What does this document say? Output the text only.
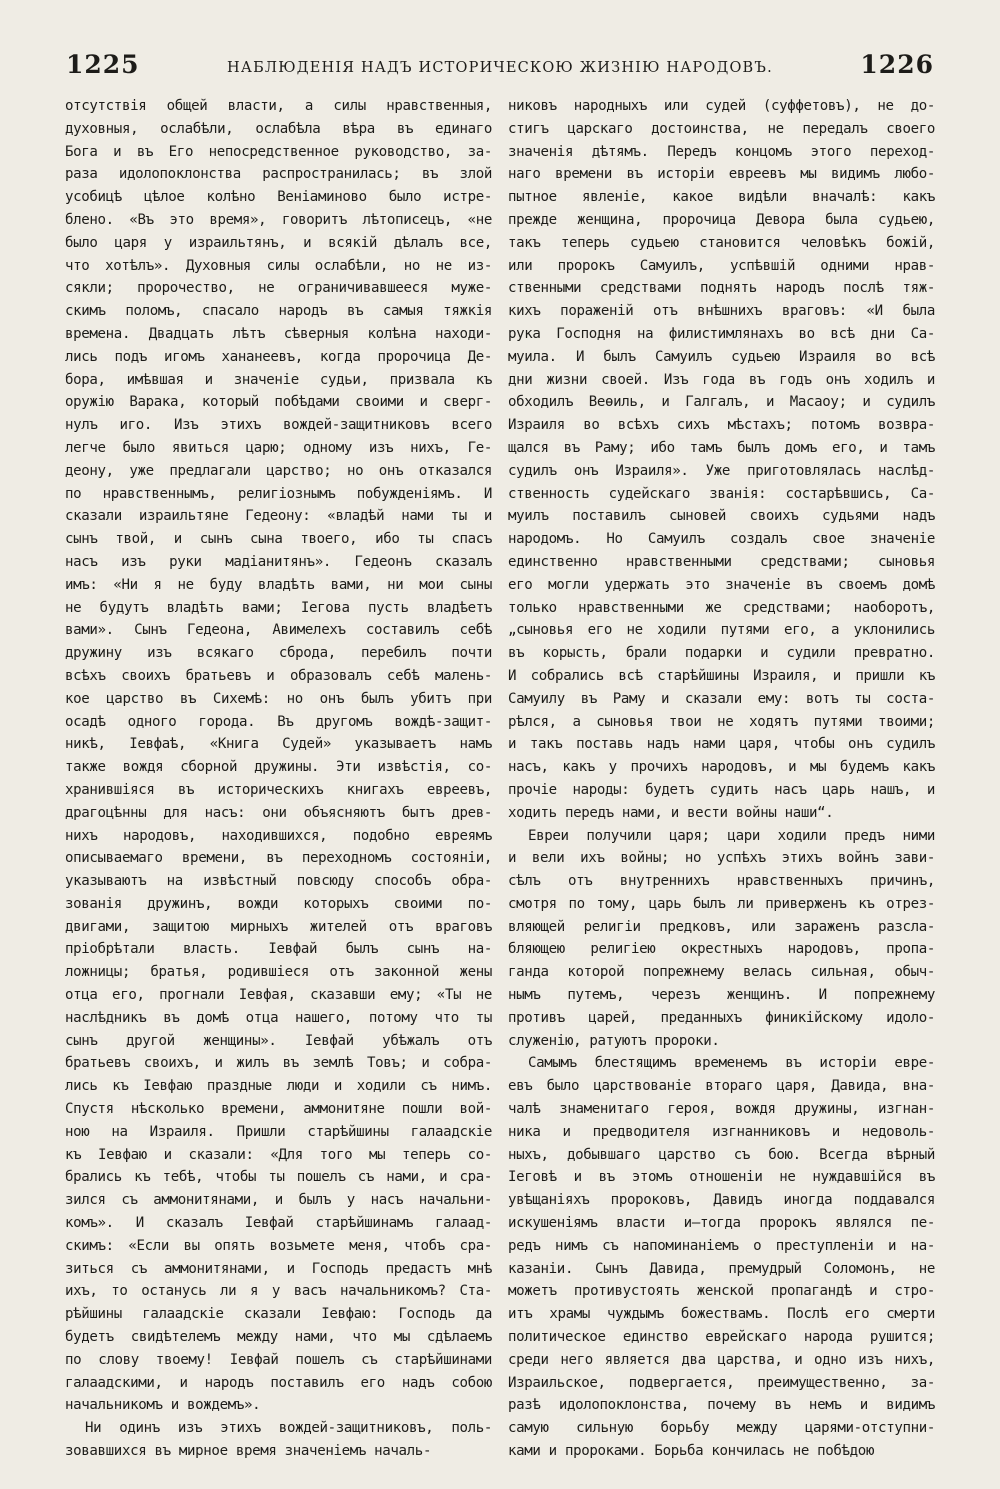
1225	НАБЛЮДЕНІЯ НАДЪ ИСТОРИЧЕСКОЮ ЖИЗНІЮ НАРОДОВЪ.	1226
отсутствія общей власти, а силы нравственныя,
духовныя, ослабѣли, ослабѣла вѣра въ единаго
Бога и въ Его непосредственное руководство, за-
раза идолопоклонства распространилась; въ злой
усобицѣ цѣлое колѣно Веніаминово было истре-
блено. «Въ это время», говоритъ лѣтописецъ, «не
было царя у израильтянъ, и всякій дѣлалъ все,
что хотѣлъ». Духовныя силы ослабѣли, но не из-
сякли; пророчество, не ограничивавшееся муже-
скимъ поломъ, спасало народъ въ самыя тяжкія
времена. Двадцать лѣтъ сѣверныя колѣна находи-
лись подъ игомъ хананеевъ, когда пророчица Де-
бора, имѣвшая и значеніе судьи, призвала къ
оружію Варака, который побѣдами своими и сверг-
нулъ иго. Изъ этихъ вождей-защитниковъ всего
легче было явиться царю; одному изъ нихъ, Ге-
деону, уже предлагали царство; но онъ отказался
по нравственнымъ, религіознымъ побужденіямъ. И
сказали израильтяне Гедеону: «владѣй нами ты и
сынъ твой, и сынъ сына твоего, ибо ты спасъ
насъ изъ руки мадіанитянъ». Гедеонъ сказалъ
имъ: «Ни я не буду владѣть вами, ни мои сыны
не будутъ владѣть вами; Іегова пусть владѣетъ
вами». Сынъ Гедеона, Авимелехъ составилъ себѣ
дружину изъ всякаго сброда, перебилъ почти
всѣхъ своихъ братьевъ и образовалъ себѣ малень-
кое царство въ Сихемѣ: но онъ былъ убитъ при
осадѣ одного города. Въ другомъ вождѣ-защит-
никѣ, Іевфаѣ, «Книга Судей» указываетъ намъ
также вождя сборной дружины. Эти извѣстія, со-
хранившіяся въ историческихъ книгахъ евреевъ,
драгоцѣнны для насъ: они объясняютъ бытъ древ-
нихъ народовъ, находившихся, подобно евреямъ
описываемаго времени, въ переходномъ состояніи,
указываютъ на извѣстный повсюду способъ обра-
зованія дружинъ, вожди которыхъ своими по-
двигами, защитою мирныхъ жителей отъ враговъ
пріобрѣтали власть. Іевфай былъ сынъ на-
ложницы; братья, родившіеся отъ законной жены
отца его, прогнали Іевфая, сказавши ему; «Ты не
наслѣдникъ въ домѣ отца нашего, потому что ты
сынъ другой женщины». Іевфай убѣжалъ отъ
братьевъ своихъ, и жилъ въ землѣ Товъ; и собра-
лись къ Іевфаю праздные люди и ходили съ нимъ.
Спустя нѣсколько времени, аммонитяне пошли вой-
ною на Израиля. Пришли старѣйшины галаадскіе
къ Іевфаю и сказали: «Для того мы теперь со-
брались къ тебѣ, чтобы ты пошелъ съ нами, и сра-
зился съ аммонитянами, и былъ у насъ начальни-
комъ». И сказалъ Іевфай старѣйшинамъ галаад-
скимъ: «Если вы опять возьмете меня, чтобъ сра-
зиться съ аммонитянами, и Господь предастъ мнѣ
ихъ, то останусь ли я у васъ начальникомъ? Ста-
рѣйшины галаадскіе сказали Іевфаю: Господь да
будетъ свидѣтелемъ между нами, что мы сдѣлаемъ
по слову твоему! Іевфай пошелъ съ старѣйшинами
галаадскими, и народъ поставилъ его надъ собою
начальникомъ и вождемъ».
Ни одинъ изъ этихъ вождей-защитниковъ, поль-
зовавшихся въ мирное время значеніемъ началь-
никовъ народныхъ или судей (суффетовъ), не до-
стигъ царскаго достоинства, не передалъ своего
значенія дѣтямъ. Передъ концомъ этого переход-
наго времени въ исторіи евреевъ мы видимъ любо-
пытное явленіе, какое видѣли вначалѣ: какъ
прежде женщина, пророчица Девора была судьею,
такъ теперь судьею становится человѣкъ божій,
или пророкъ Самуилъ, успѣвшій одними нрав-
ственными средствами поднять народъ послѣ тяж-
кихъ пораженій отъ внѣшнихъ враговъ: «И была
рука Господня на филистимлянахъ во всѣ дни Са-
муила. И былъ Самуилъ судьею Израиля во всѣ
дни жизни своей. Изъ года въ годъ онъ ходилъ и
обходилъ Веѳиль, и Галгалъ, и Масаоу; и судилъ
Израиля во всѣхъ сихъ мѣстахъ; потомъ возвра-
щался въ Раму; ибо тамъ былъ домъ его, и тамъ
судилъ онъ Израиля». Уже приготовлялась наслѣд-
ственность судейскаго званія: состарѣвшись, Са-
муилъ поставилъ сыновей своихъ судьями надъ
народомъ. Но Самуилъ создалъ свое значеніе
единственно нравственными средствами; сыновья
его могли удержать это значеніе въ своемъ домѣ
только нравственными же средствами; наоборотъ,
„сыновья его не ходили путями его, а уклонились
въ корысть, брали подарки и судили превратно.
И собрались всѣ старѣйшины Израиля, и пришли къ
Самуилу въ Раму и сказали ему: вотъ ты соста-
рѣлся, а сыновья твои не ходятъ путями твоими;
и такъ поставь надъ нами царя, чтобы онъ судилъ
насъ, какъ у прочихъ народовъ, и мы будемъ какъ
прочіе народы: будетъ судить насъ царь нашъ, и
ходить передъ нами, и вести войны наши“.
Евреи получили царя; цари ходили предъ ними
и вели ихъ войны; но успѣхъ этихъ войнъ зави-
сѣлъ отъ внутреннихъ нравственныхъ причинъ,
смотря по тому, царь былъ ли приверженъ къ отрез-
вляющей религіи предковъ, или зараженъ разсла-
бляющею религіею окрестныхъ народовъ, пропа-
ганда которой попрежнему велась сильная, обыч-
нымъ путемъ, черезъ женщинъ. И попрежнему
противъ царей, преданныхъ финикійскому идоло-
служенію, ратуютъ пророки.
Самымъ блестящимъ временемъ въ исторіи евре-
евъ было царствованіе втораго царя, Давида, вна-
чалѣ знаменитаго героя, вождя дружины, изгнан-
ника и предводителя изгнанниковъ и недоволь-
ныхъ, добывшаго царство съ бою. Всегда вѣрный
Іеговѣ и въ этомъ отношеніи не нуждавшійся въ
увѣщаніяхъ пророковъ, Давидъ иногда поддавался
искушеніямъ власти и—тогда пророкъ являлся пе-
редъ нимъ съ напоминаніемъ о преступленіи и на-
казаніи. Сынъ Давида, премудрый Соломонъ, не
можетъ противустоять женской пропагандѣ и стро-
итъ храмы чуждымъ божествамъ. Послѣ его смерти
политическое единство еврейскаго народа рушится;
среди него является два царства, и одно изъ нихъ,
Израильское, подвергается, преимущественно, за-
разѣ идолопоклонства, почему въ немъ и видимъ
самую сильную борьбу между царями-отступни-
ками и пророками. Борьба кончилась не побѣдою
